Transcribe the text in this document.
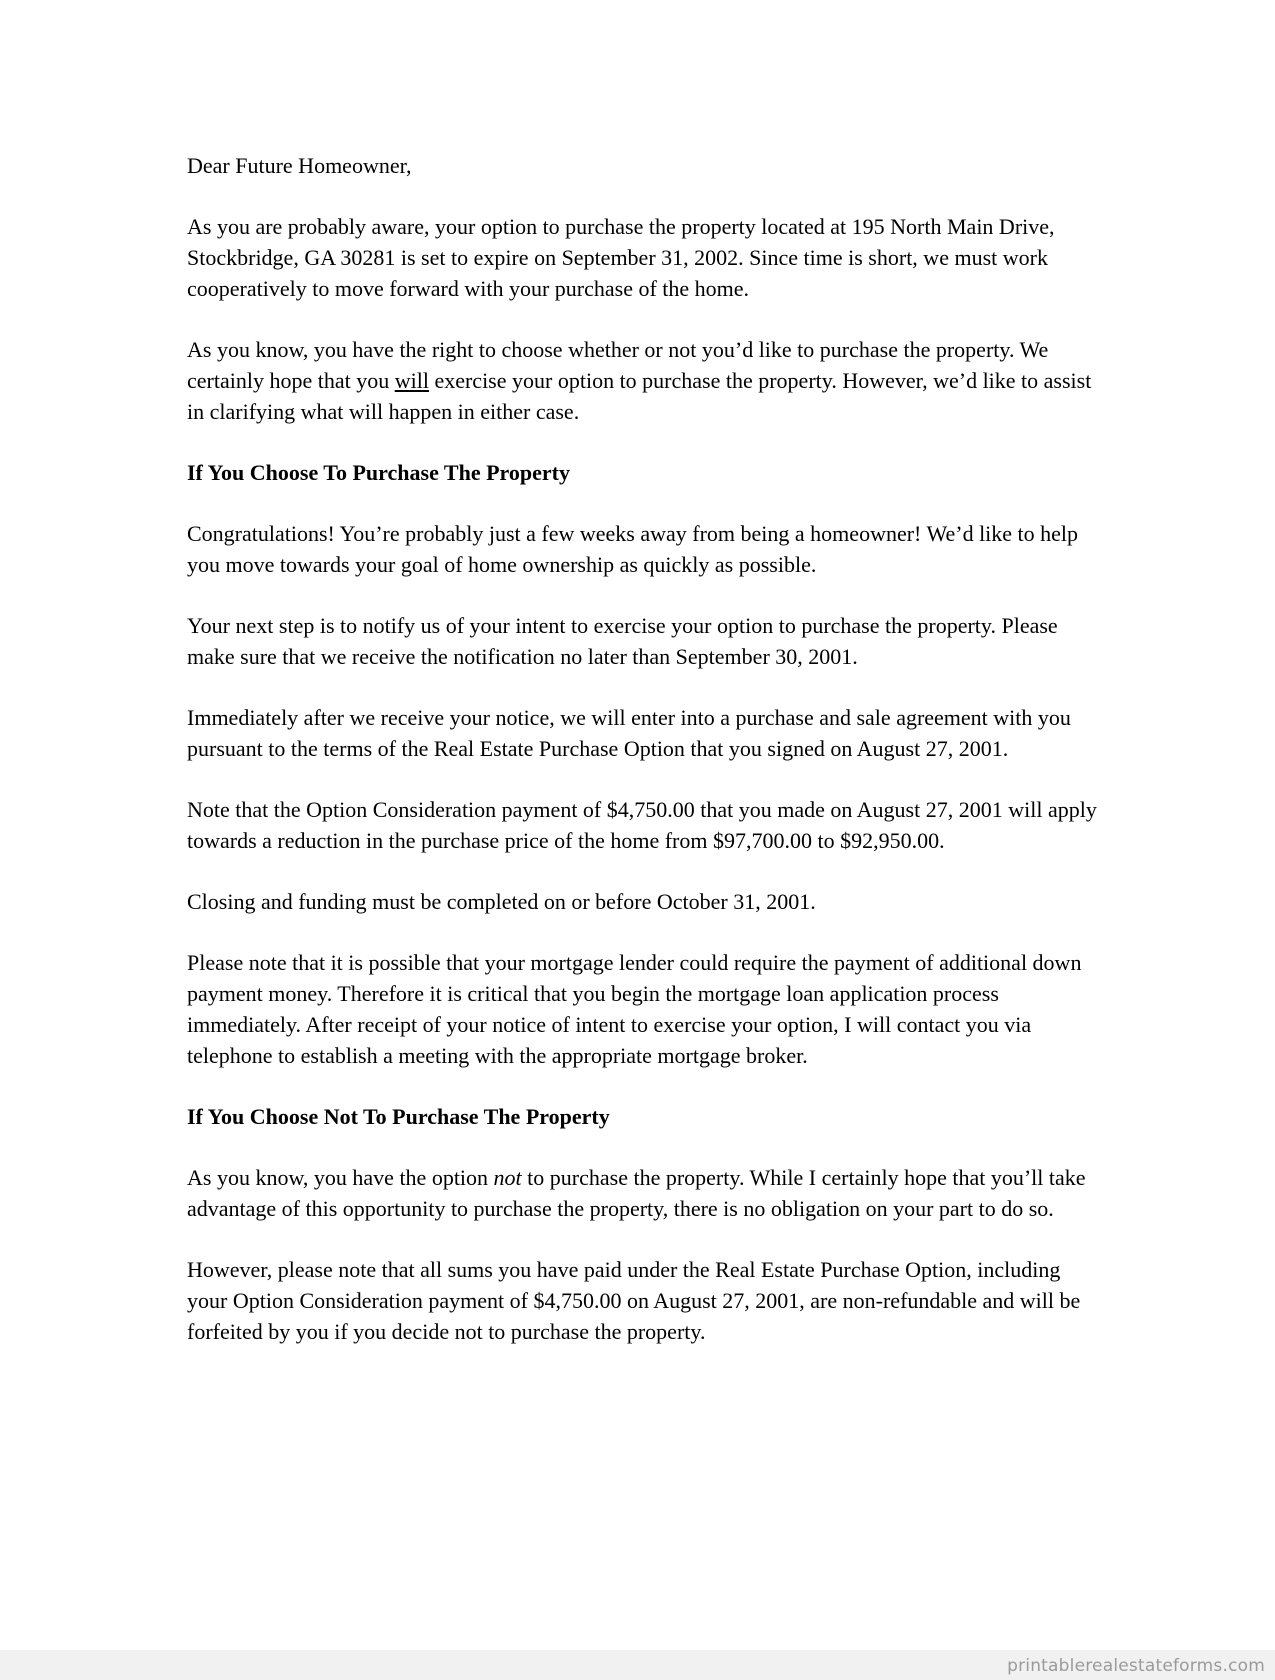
Dear Future Homeowner,

As you are probably aware, your option to purchase the property located at 195 North Main Drive, Stockbridge, GA 30281 is set to expire on September 31, 2002. Since time is short, we must work cooperatively to move forward with your purchase of the home.

As you know, you have the right to choose whether or not you’d like to purchase the property. We certainly hope that you will exercise your option to purchase the property. However, we’d like to assist in clarifying what will happen in either case.

If You Choose To Purchase The Property

Congratulations! You’re probably just a few weeks away from being a homeowner! We’d like to help you move towards your goal of home ownership as quickly as possible.

Your next step is to notify us of your intent to exercise your option to purchase the property. Please make sure that we receive the notification no later than September 30, 2001.

Immediately after we receive your notice, we will enter into a purchase and sale agreement with you pursuant to the terms of the Real Estate Purchase Option that you signed on August 27, 2001.

Note that the Option Consideration payment of $4,750.00 that you made on August 27, 2001 will apply towards a reduction in the purchase price of the home from $97,700.00 to $92,950.00.

Closing and funding must be completed on or before October 31, 2001.

Please note that it is possible that your mortgage lender could require the payment of additional down payment money. Therefore it is critical that you begin the mortgage loan application process immediately. After receipt of your notice of intent to exercise your option, I will contact you via telephone to establish a meeting with the appropriate mortgage broker.

If You Choose Not To Purchase The Property

As you know, you have the option not to purchase the property. While I certainly hope that you’ll take advantage of this opportunity to purchase the property, there is no obligation on your part to do so.

However, please note that all sums you have paid under the Real Estate Purchase Option, including your Option Consideration payment of $4,750.00 on August 27, 2001, are non-refundable and will be forfeited by you if you decide not to purchase the property.

printablerealestateforms.com
